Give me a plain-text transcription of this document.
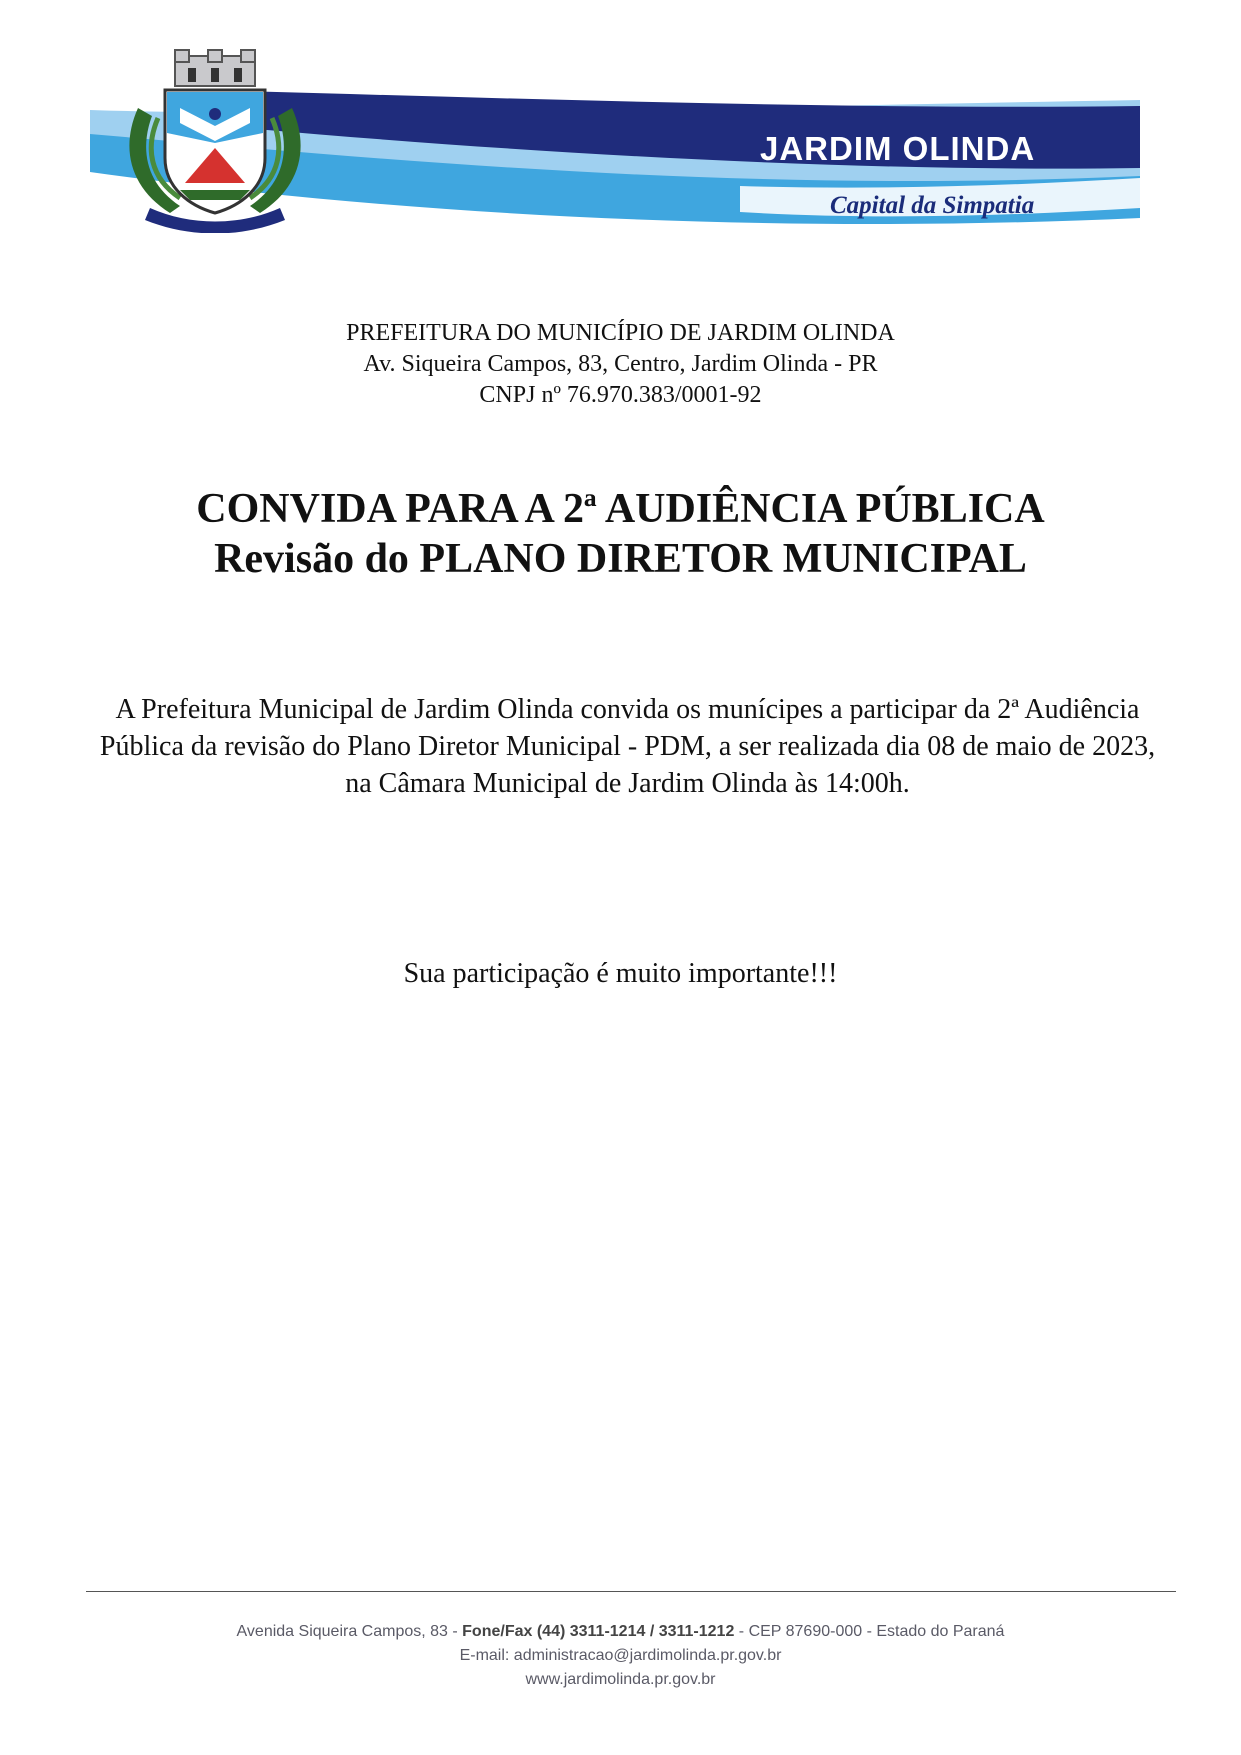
JARDIM OLINDA
Capital da Simpatia
PREFEITURA DO MUNICÍPIO DE JARDIM OLINDA
Av. Siqueira Campos, 83, Centro, Jardim Olinda - PR
CNPJ nº 76.970.383/0001-92
CONVIDA PARA A 2ª AUDIÊNCIA PÚBLICA
Revisão do PLANO DIRETOR MUNICIPAL
A Prefeitura Municipal de Jardim Olinda convida os munícipes a participar da 2ª Audiência Pública da revisão do Plano Diretor Municipal - PDM, a ser realizada dia 08 de maio de 2023, na Câmara Municipal de Jardim Olinda às 14:00h.
Sua participação é muito importante!!!
Avenida Siqueira Campos, 83 - Fone/Fax (44) 3311-1214 / 3311-1212 - CEP 87690-000 - Estado do Paraná
E-mail: administracao@jardimolinda.pr.gov.br
www.jardimolinda.pr.gov.br
